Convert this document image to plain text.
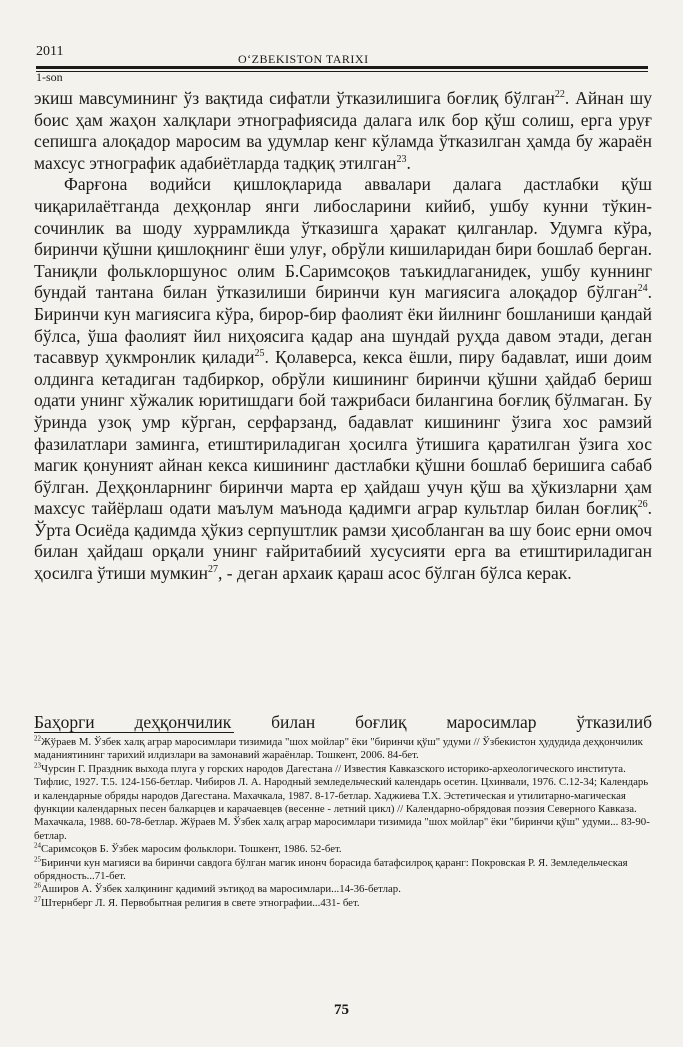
2011	O‘ZBEKISTON TARIXI
1-son

экиш мавсумининг ўз вақтида сифатли ўтказилишига боғлиқ бўлган$^{22}$. Айнан шу боис ҳам жаҳон халқлари этнографиясида далага илк бор қўш солиш, ерга уруғ сепишга алоқадор маросим ва удумлар кенг кўламда ўтказилган ҳамда бу жараён махсус этнографик адабиётларда тадқиқ этилган$^{23}$.

Фарғона водийси қишлоқларида аввалари далага дастлабки қўш чиқарилаётганда деҳқонлар янги либосларини кийиб, ушбу кунни тўкин-сочинлик ва шоду хуррамликда ўтказишга ҳаракат қилганлар. Удумга кўра, биринчи қўшни қишлоқнинг ёши улуғ, обрўли кишиларидан бири бошлаб берган. Таниқли фольклоршунос олим Б.Саримсоқов таъкидлаганидек, ушбу куннинг бундай тантана билан ўтказилиши биринчи кун магиясига алоқадор бўлган$^{24}$. Биринчи кун магиясига кўра, бирор-бир фаолият ёки йилнинг бошланиши қандай бўлса, ўша фаолият йил ниҳоясига қадар ана шундай руҳда давом этади, деган тасаввур ҳукмронлик қилади$^{25}$. Қолаверса, кекса ёшли, пиру бадавлат, иши доим олдинга кетадиган тадбиркор, обрўли кишининг биринчи қўшни ҳайдаб бериш одати унинг хўжалик юритишдаги бой тажрибаси билангина боғлиқ бўлмаган. Бу ўринда узоқ умр кўрган, серфарзанд, бадавлат кишининг ўзига хос рамзий фазилатлари заминга, етиштириладиган ҳосилга ўтишига қаратилган ўзига хос магик қонуният айнан кекса кишининг дастлабки қўшни бошлаб беришига сабаб бўлган. Деҳқонларнинг биринчи марта ер ҳайдаш учун қўш ва ҳўкизларни ҳам махсус тайёрлаш одати маълум маънода қадимги аграр культлар билан боғлиқ$^{26}$. Ўрта Осиёда қадимда ҳўкиз серпуштлик рамзи ҳисобланган ва шу боис ерни омоч билан ҳайдаш орқали унинг ғайритабиий хусусияти ерга ва етиштириладиган ҳосилга ўтиши мумкин$^{27}$, - деган архаик қараш асос бўлган бўлса керак.

Баҳорги деҳқончилик билан боғлиқ маросимлар ўтказилиб

$^{22}$Жўраев М. Ўзбек халқ аграр маросимлари тизимида "шох мойлар" ёки "биринчи қўш" удуми // Ўзбекистон ҳудудида деҳқончилик маданиятининг тарихий илдизлари ва замонавий жараёнлар. Тошкент, 2006. 84-бет.

$^{23}$Чурсин Г. Праздник выхода плуга у горских народов Дагестана // Известия Кавказского историко-археологического института. Тифлис, 1927. Т.5. 124-156-бетлар. Чибиров Л. А. Народный земледельческий календарь осетин. Цхинвали, 1976. С.12-34; Календарь и календарные обряды народов Дагестана. Махачкала, 1987. 8-17-бетлар. Хаджиева Т.Х. Эстетическая и утилитарно-магическая функции календарных песен балкарцев и карачаевцев (весенне - летний цикл) // Календарно-обрядовая поэзия Северного Кавказа. Махачкала, 1988. 60-78-бетлар. Жўраев М. Ўзбек халқ аграр маросимлари тизимида "шох мойлар" ёки "биринчи қўш" удуми... 83-90-бетлар.

$^{24}$Саримсоқов Б. Ўзбек маросим фольклори. Тошкент, 1986. 52-бет.

$^{25}$Биринчи кун магияси ва биринчи савдога бўлган магик инонч борасида батафсилроқ қаранг: Покровская Р. Я. Земледельческая обрядность...71-бет.

$^{26}$Аширов А. Ўзбек халқининг қадимий эътиқод ва маросимлари...14-36-бетлар.

$^{27}$Штернберг Л. Я. Первобытная религия в свете этнографии...431- бет.

75
